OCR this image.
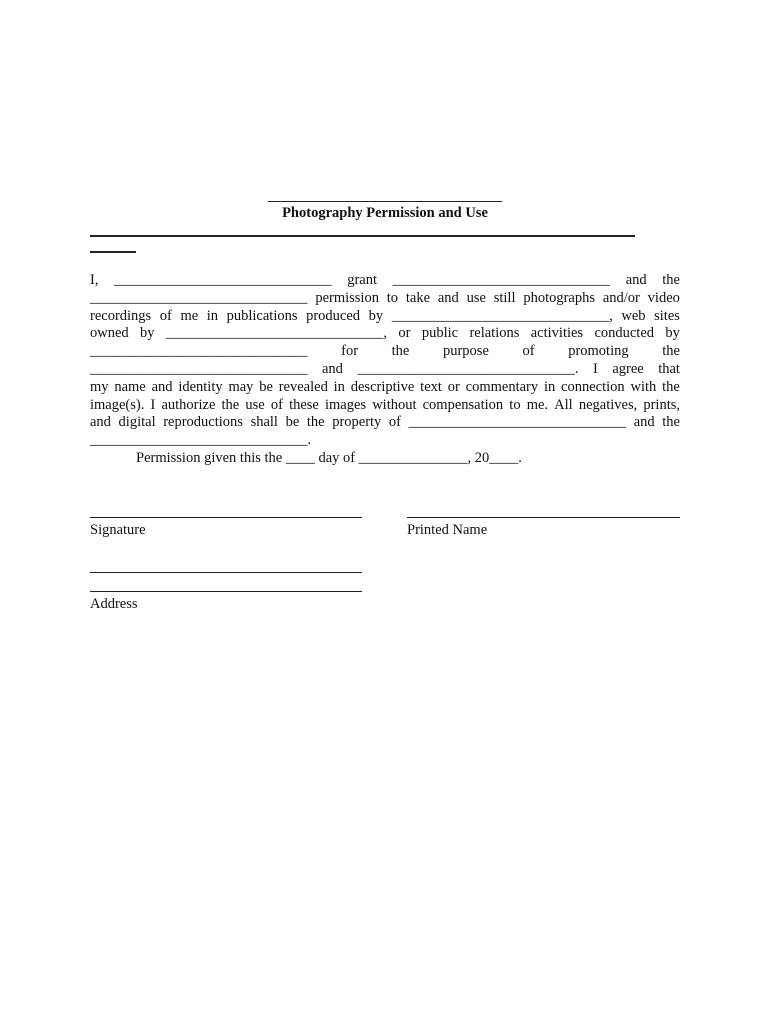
Photography Permission and Use
I, ______________________________ grant ______________________________ and the
______________________________ permission to take and use still photographs and/or video
recordings of me in publications produced by ______________________________, web sites
owned by ______________________________, or public relations activities conducted by
______________________________ for the purpose of promoting the
______________________________ and ______________________________. I agree that
my name and identity may be revealed in descriptive text or commentary in connection with the
image(s). I authorize the use of these images without compensation to me. All negatives, prints,
and digital reproductions shall be the property of ______________________________ and the
______________________________.
Permission given this the ____ day of _______________, 20____.
Signature	Printed Name
Address
